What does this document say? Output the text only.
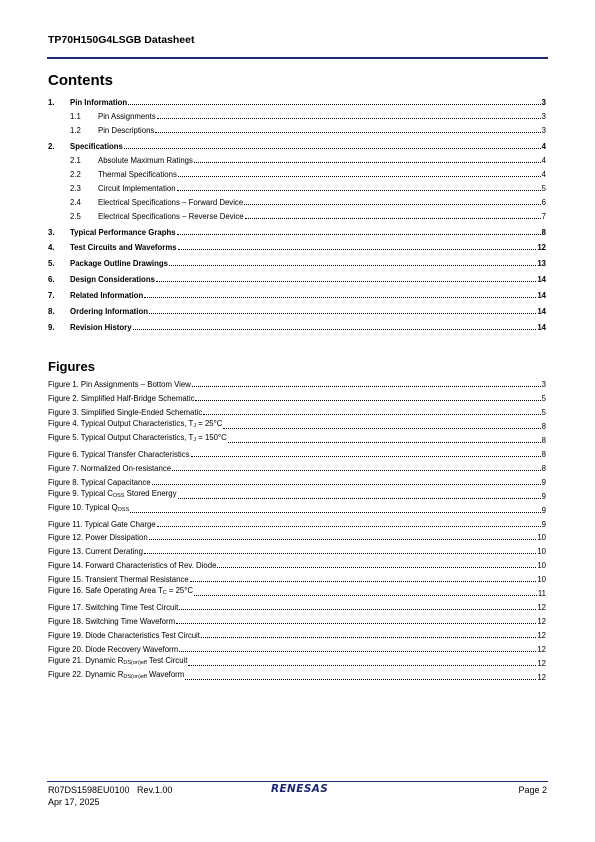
TP70H150G4LSGB Datasheet
Contents
1.	Pin Information	3
1.1	Pin Assignments	3
1.2	Pin Descriptions	3
2.	Specifications	4
2.1	Absolute Maximum Ratings	4
2.2	Thermal Specifications	4
2.3	Circuit Implementation	5
2.4	Electrical Specifications – Forward Device	6
2.5	Electrical Specifications – Reverse Device	7
3.	Typical Performance Graphs	8
4.	Test Circuits and Waveforms	12
5.	Package Outline Drawings	13
6.	Design Considerations	14
7.	Related Information	14
8.	Ordering Information	14
9.	Revision History	14
Figures
Figure 1. Pin Assignments – Bottom View	3
Figure 2. Simplified Half-Bridge Schematic	5
Figure 3. Simplified Single-Ended Schematic	5
Figure 4. Typical Output Characteristics, $T_J = 25^\circ C$	8
Figure 5. Typical Output Characteristics, $T_J = 150^\circ C$	8
Figure 6. Typical Transfer Characteristics	8
Figure 7. Normalized On-resistance	8
Figure 8. Typical Capacitance	9
Figure 9. Typical $C_{OSS}$ Stored Energy	9
Figure 10. Typical $Q_{OSS}$	9
Figure 11. Typical Gate Charge	9
Figure 12. Power Dissipation	10
Figure 13. Current Derating	10
Figure 14. Forward Characteristics of Rev. Diode	10
Figure 15. Transient Thermal Resistance	10
Figure 16. Safe Operating Area $T_C = 25^\circ C$	11
Figure 17. Switching Time Test Circuit	12
Figure 18. Switching Time Waveform	12
Figure 19. Diode Characteristics Test Circuit	12
Figure 20. Diode Recovery Waveform	12
Figure 21. Dynamic $R_{DS(on)eff}$ Test Circuit	12
Figure 22. Dynamic $R_{DS(on)eff}$ Waveform	12
R07DS1598EU0100   Rev.1.00
Apr 17, 2025
RENESAS	Page 2
